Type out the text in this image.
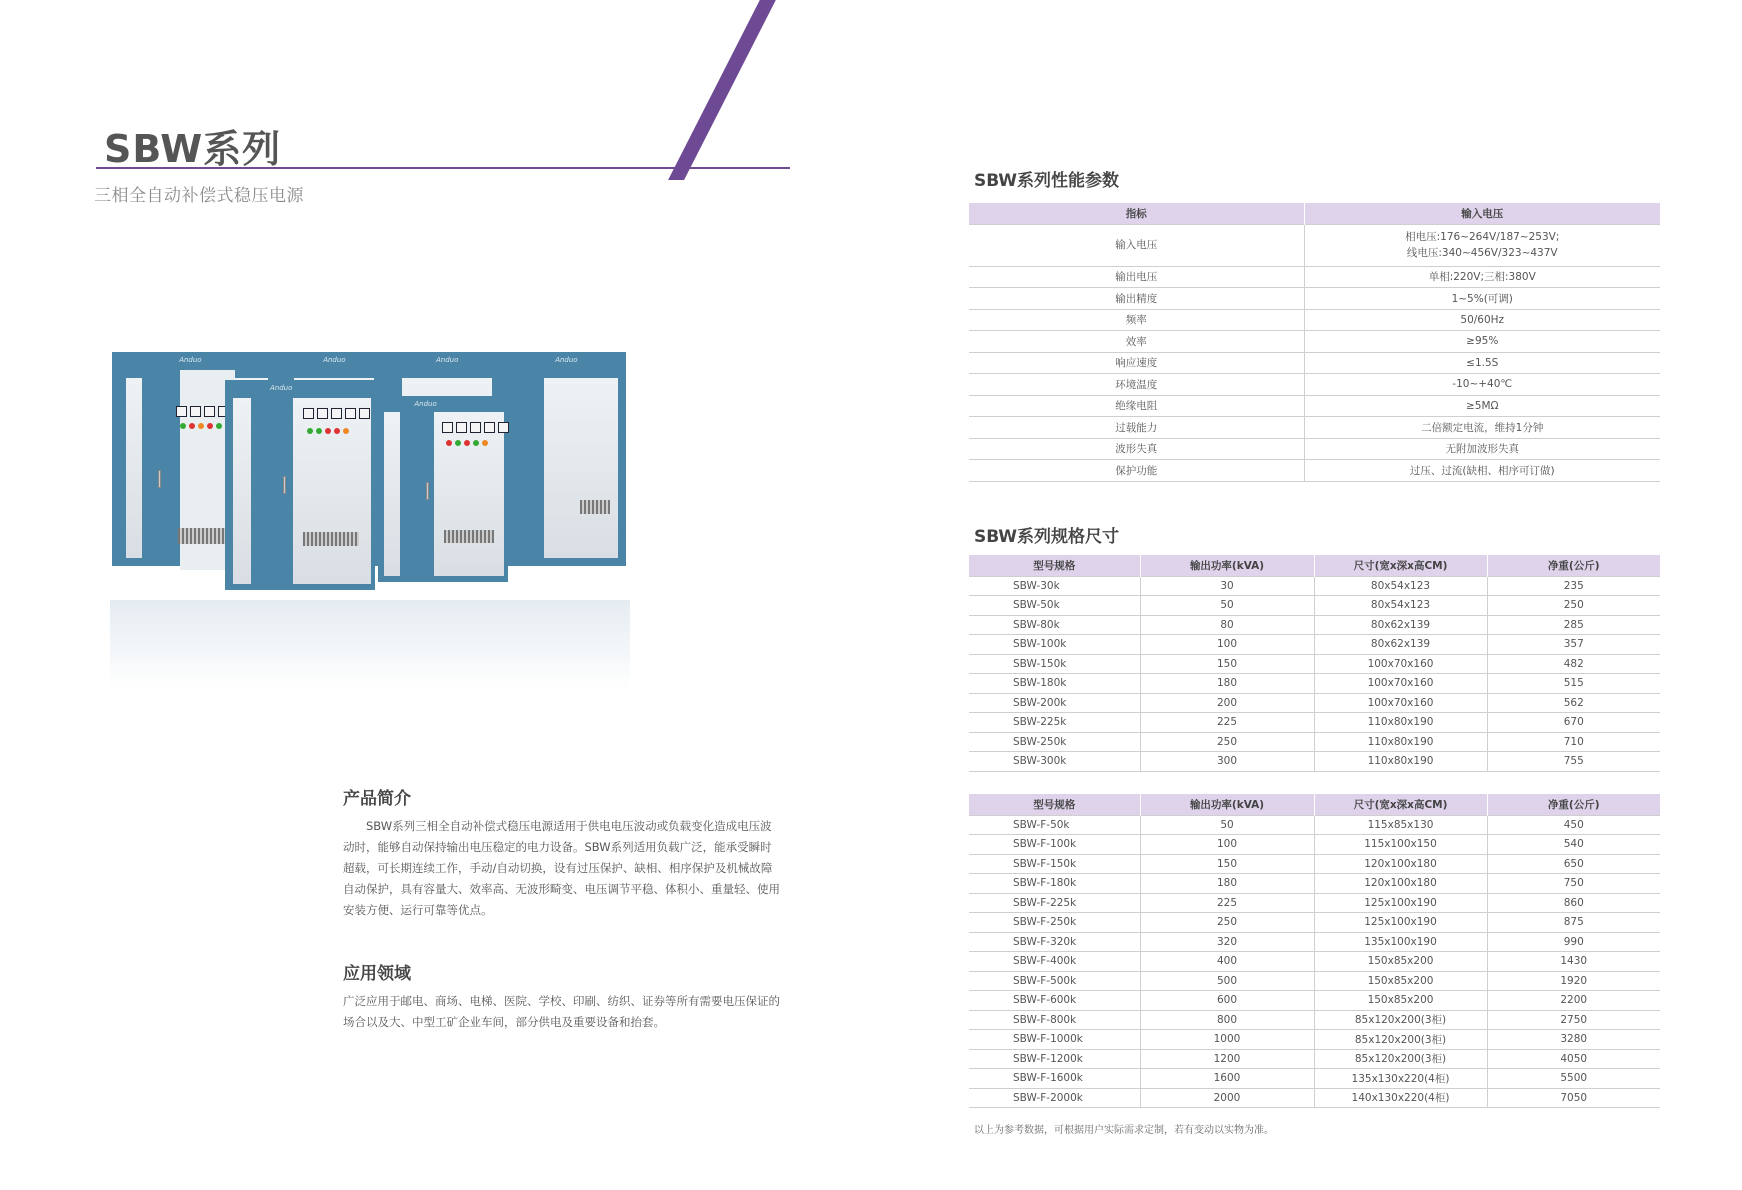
SBW系列
三相全自动补偿式稳压电源
Anduo	Anduo	Anduo	Anduo
Anduo
Anduo
产品简介

SBW系列三相全自动补偿式稳压电源适用于供电电压波动或负载变化造成电压波动时，能够自动保持输出电压稳定的电力设备。SBW系列适用负载广泛，能承受瞬时超载，可长期连续工作，手动/自动切换，设有过压保护、缺相、相序保护及机械故障自动保护，具有容量大、效率高、无波形畸变、电压调节平稳、体积小、重量轻、使用安装方便、运行可靠等优点。

应用领域

广泛应用于邮电、商场、电梯、医院、学校、印刷、纺织、证券等所有需要电压保证的场合以及大、中型工矿企业车间，部分供电及重要设备和抬套。

SBW系列性能参数
指标	输入电压
输入电压	相电压:176~264V/187~253V;
线电压:340~456V/323~437V
输出电压	单相:220V;三相:380V
输出精度	1~5%(可调)
频率	50/60Hz
效率	≥95%
响应速度	≤1.5S
环境温度	-10~+40℃
绝缘电阻	≥5MΩ
过载能力	二倍额定电流，维持1分钟
波形失真	无附加波形失真
保护功能	过压、过流(缺相、相序可订做)
SBW系列规格尺寸
型号规格	输出功率(kVA)	尺寸(宽x深x高CM)	净重(公斤)
SBW-30k	30	80x54x123	235
SBW-50k	50	80x54x123	250
SBW-80k	80	80x62x139	285
SBW-100k	100	80x62x139	357
SBW-150k	150	100x70x160	482
SBW-180k	180	100x70x160	515
SBW-200k	200	100x70x160	562
SBW-225k	225	110x80x190	670
SBW-250k	250	110x80x190	710
SBW-300k	300	110x80x190	755
型号规格	输出功率(kVA)	尺寸(宽x深x高CM)	净重(公斤)
SBW-F-50k	50	115x85x130	450
SBW-F-100k	100	115x100x150	540
SBW-F-150k	150	120x100x180	650
SBW-F-180k	180	120x100x180	750
SBW-F-225k	225	125x100x190	860
SBW-F-250k	250	125x100x190	875
SBW-F-320k	320	135x100x190	990
SBW-F-400k	400	150x85x200	1430
SBW-F-500k	500	150x85x200	1920
SBW-F-600k	600	150x85x200	2200
SBW-F-800k	800	85x120x200(3柜)	2750
SBW-F-1000k	1000	85x120x200(3柜)	3280
SBW-F-1200k	1200	85x120x200(3柜)	4050
SBW-F-1600k	1600	135x130x220(4柜)	5500
SBW-F-2000k	2000	140x130x220(4柜)	7050
以上为参考数据，可根据用户实际需求定制，若有变动以实物为准。
